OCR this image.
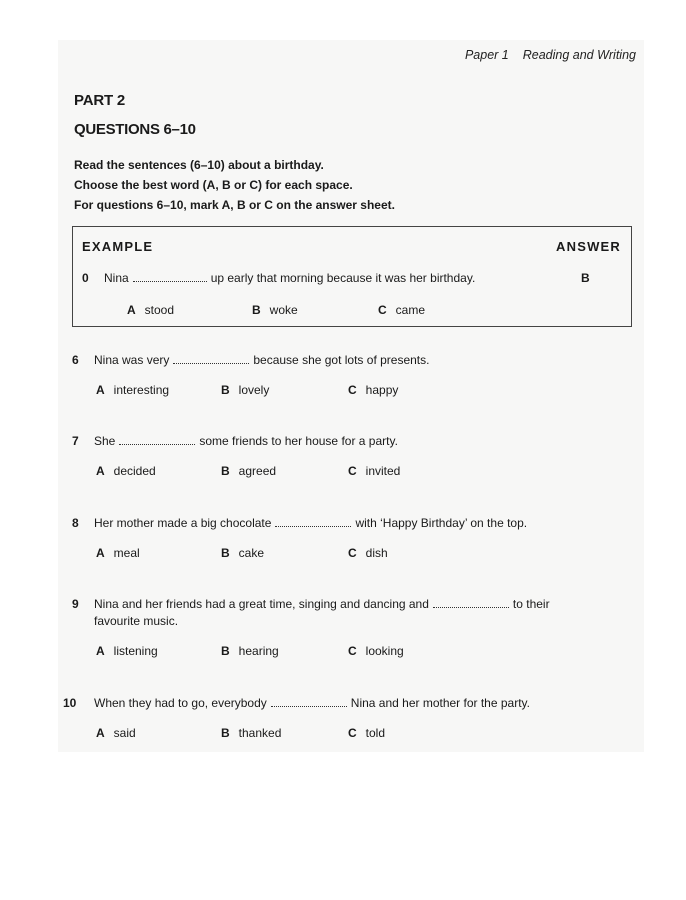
Paper 1 Reading and Writing
PART 2
QUESTIONS 6–10
Read the sentences (6–10) about a birthday.
Choose the best word (A, B or C) for each space.
For questions 6–10, mark A, B or C on the answer sheet.
EXAMPLE	ANSWER
0 Nina	up early that morning because it was her birthday.	B
A stood	B woke	C came
6 Nina was very	because she got lots of presents.
A interesting	B lovely	C happy
7 She	some friends to her house for a party.
A decided	B agreed	C invited
8 Her mother made a big chocolate	with ‘Happy Birthday’ on the top.
A meal	B cake	C dish
9 Nina and her friends had a great time, singing and dancing and	to their
favourite music.
A listening	B hearing	C looking
10 When they had to go, everybody	Nina and her mother for the party.
A said	B thanked	C told
